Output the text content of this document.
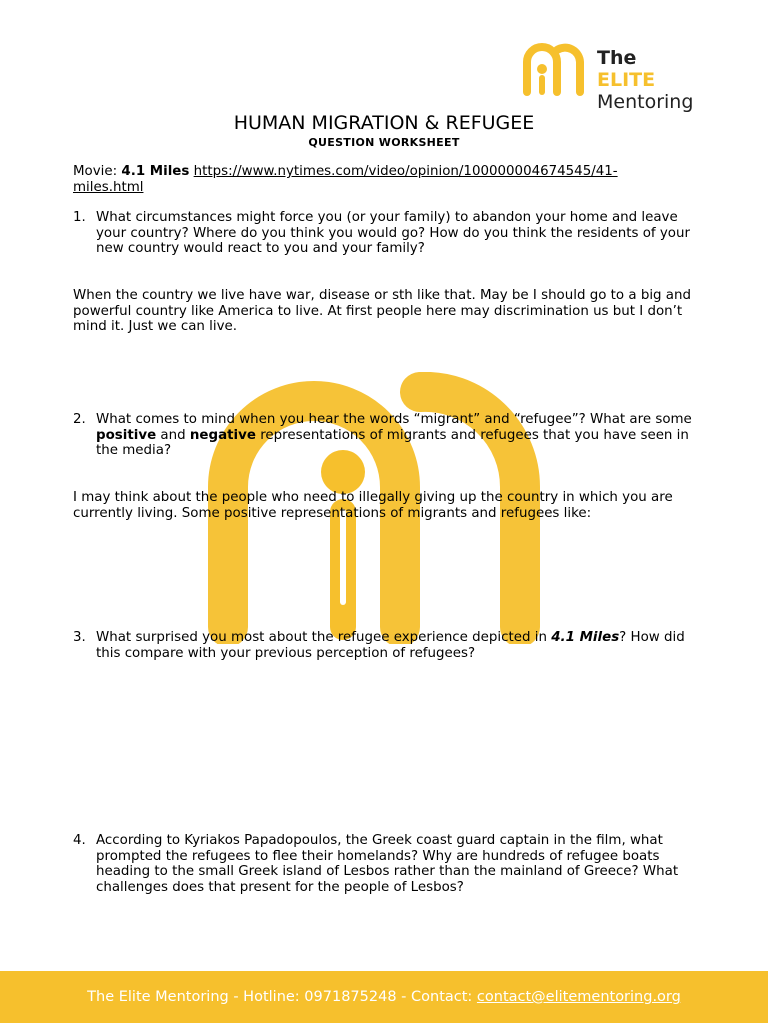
The ELITE
Mentoring
HUMAN MIGRATION & REFUGEE
QUESTION WORKSHEET
Movie: 4.1 Miles https://www.nytimes.com/video/opinion/100000004674545/41-
miles.html
1. What circumstances might force you (or your family) to abandon your home and leave your country? Where do you think you would go? How do you think the residents of your new country would react to you and your family?
When the country we live have war, disease or sth like that. May be I should go to a big and powerful country like America to live. At first people here may discrimination us but I don’t mind it. Just we can live.
2. What comes to mind when you hear the words “migrant” and “refugee”? What are some positive and negative representations of migrants and refugees that you have seen in the media?
I may think about the people who need to illegally giving up the country in which you are currently living. Some positive representations of migrants and refugees like:
3. What surprised you most about the refugee experience depicted in 4.1 Miles? How did this compare with your previous perception of refugees?
4. According to Kyriakos Papadopoulos, the Greek coast guard captain in the film, what prompted the refugees to flee their homelands? Why are hundreds of refugee boats heading to the small Greek island of Lesbos rather than the mainland of Greece? What challenges does that present for the people of Lesbos?
The Elite Mentoring - Hotline: 0971875248 - Contact: contact@elitementoring.org
